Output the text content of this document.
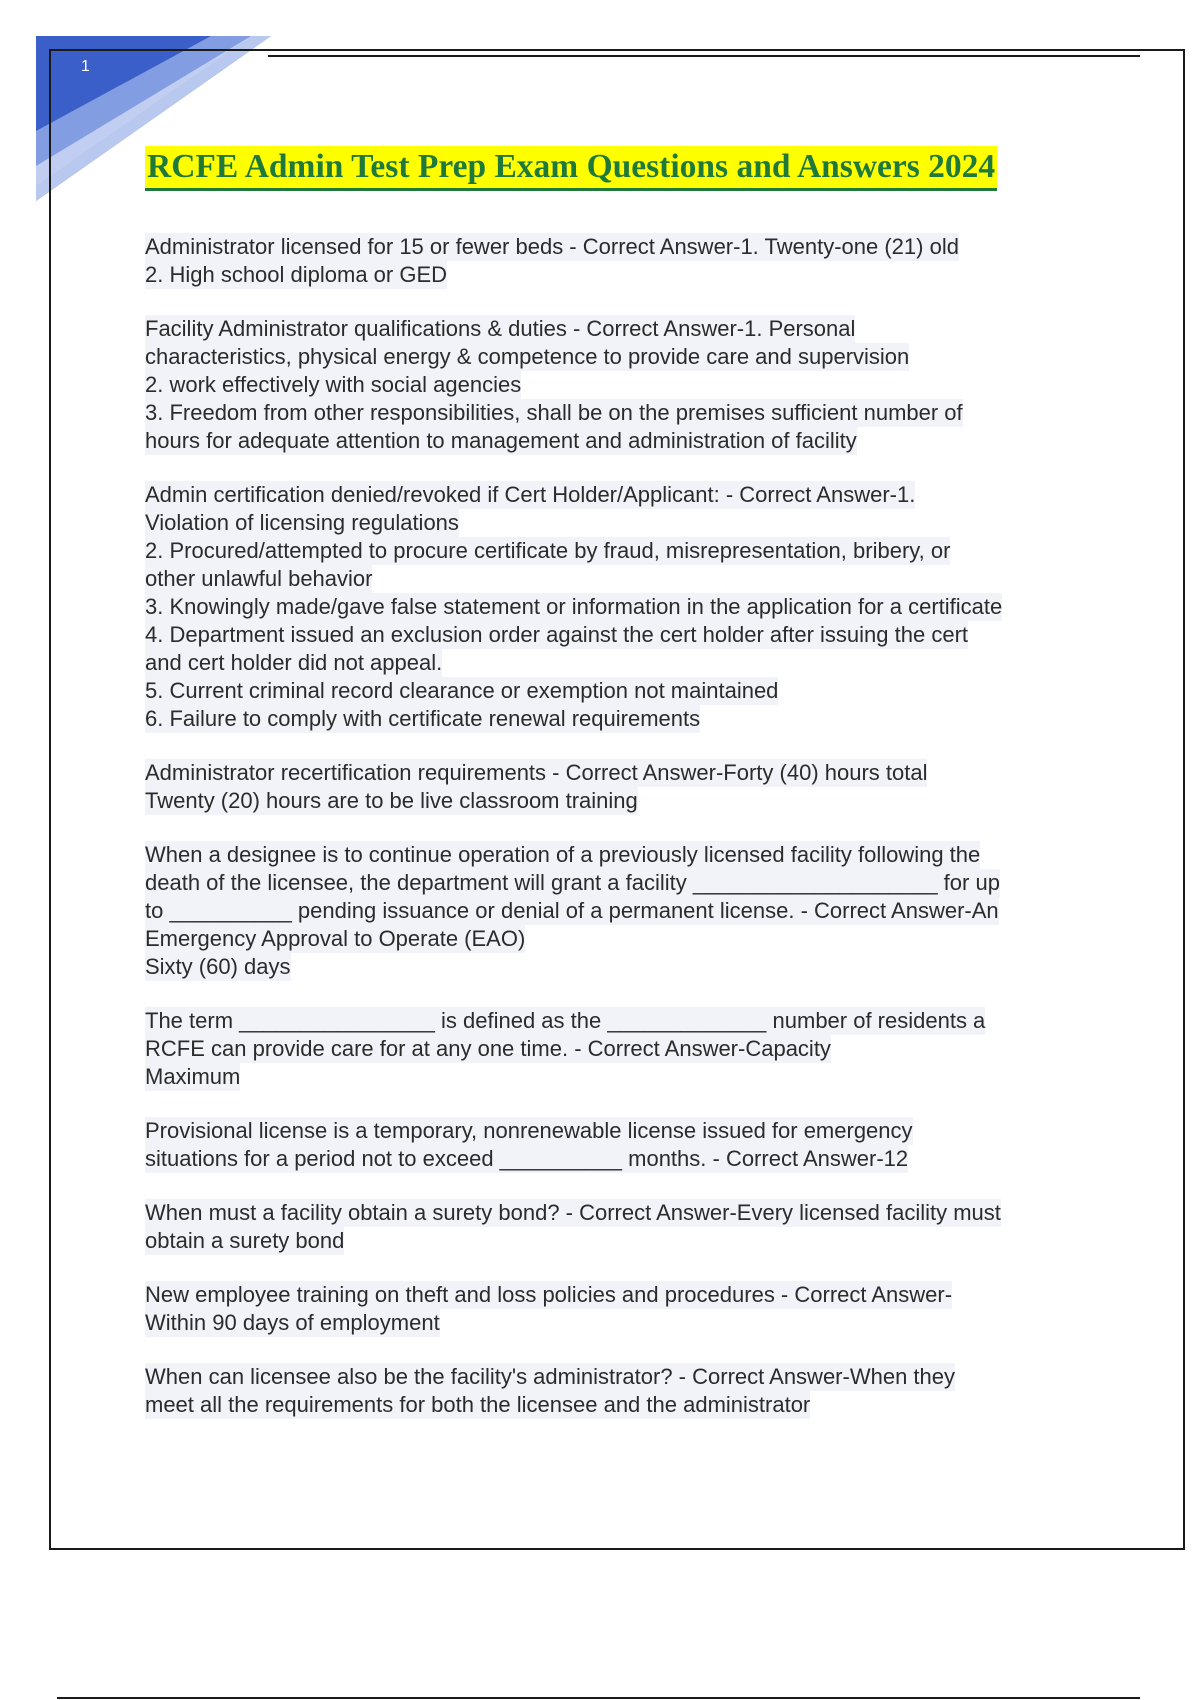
1
RCFE Admin Test Prep Exam Questions and Answers 2024

Administrator licensed for 15 or fewer beds - Correct Answer-1. Twenty-one (21) old
2. High school diploma or GED

Facility Administrator qualifications & duties - Correct Answer-1. Personal
characteristics, physical energy & competence to provide care and supervision
2. work effectively with social agencies
3. Freedom from other responsibilities, shall be on the premises sufficient number of
hours for adequate attention to management and administration of facility

Admin certification denied/revoked if Cert Holder/Applicant: - Correct Answer-1.
Violation of licensing regulations
2. Procured/attempted to procure certificate by fraud, misrepresentation, bribery, or
other unlawful behavior
3. Knowingly made/gave false statement or information in the application for a certificate
4. Department issued an exclusion order against the cert holder after issuing the cert
and cert holder did not appeal.
5. Current criminal record clearance or exemption not maintained
6. Failure to comply with certificate renewal requirements

Administrator recertification requirements - Correct Answer-Forty (40) hours total
Twenty (20) hours are to be live classroom training

When a designee is to continue operation of a previously licensed facility following the
death of the licensee, the department will grant a facility ____________________ for up
to __________ pending issuance or denial of a permanent license. - Correct Answer-An
Emergency Approval to Operate (EAO)
Sixty (60) days

The term ________________ is defined as the _____________ number of residents a
RCFE can provide care for at any one time. - Correct Answer-Capacity
Maximum

Provisional license is a temporary, nonrenewable license issued for emergency
situations for a period not to exceed __________ months. - Correct Answer-12

When must a facility obtain a surety bond? - Correct Answer-Every licensed facility must
obtain a surety bond

New employee training on theft and loss policies and procedures - Correct Answer-
Within 90 days of employment

When can licensee also be the facility's administrator? - Correct Answer-When they
meet all the requirements for both the licensee and the administrator
